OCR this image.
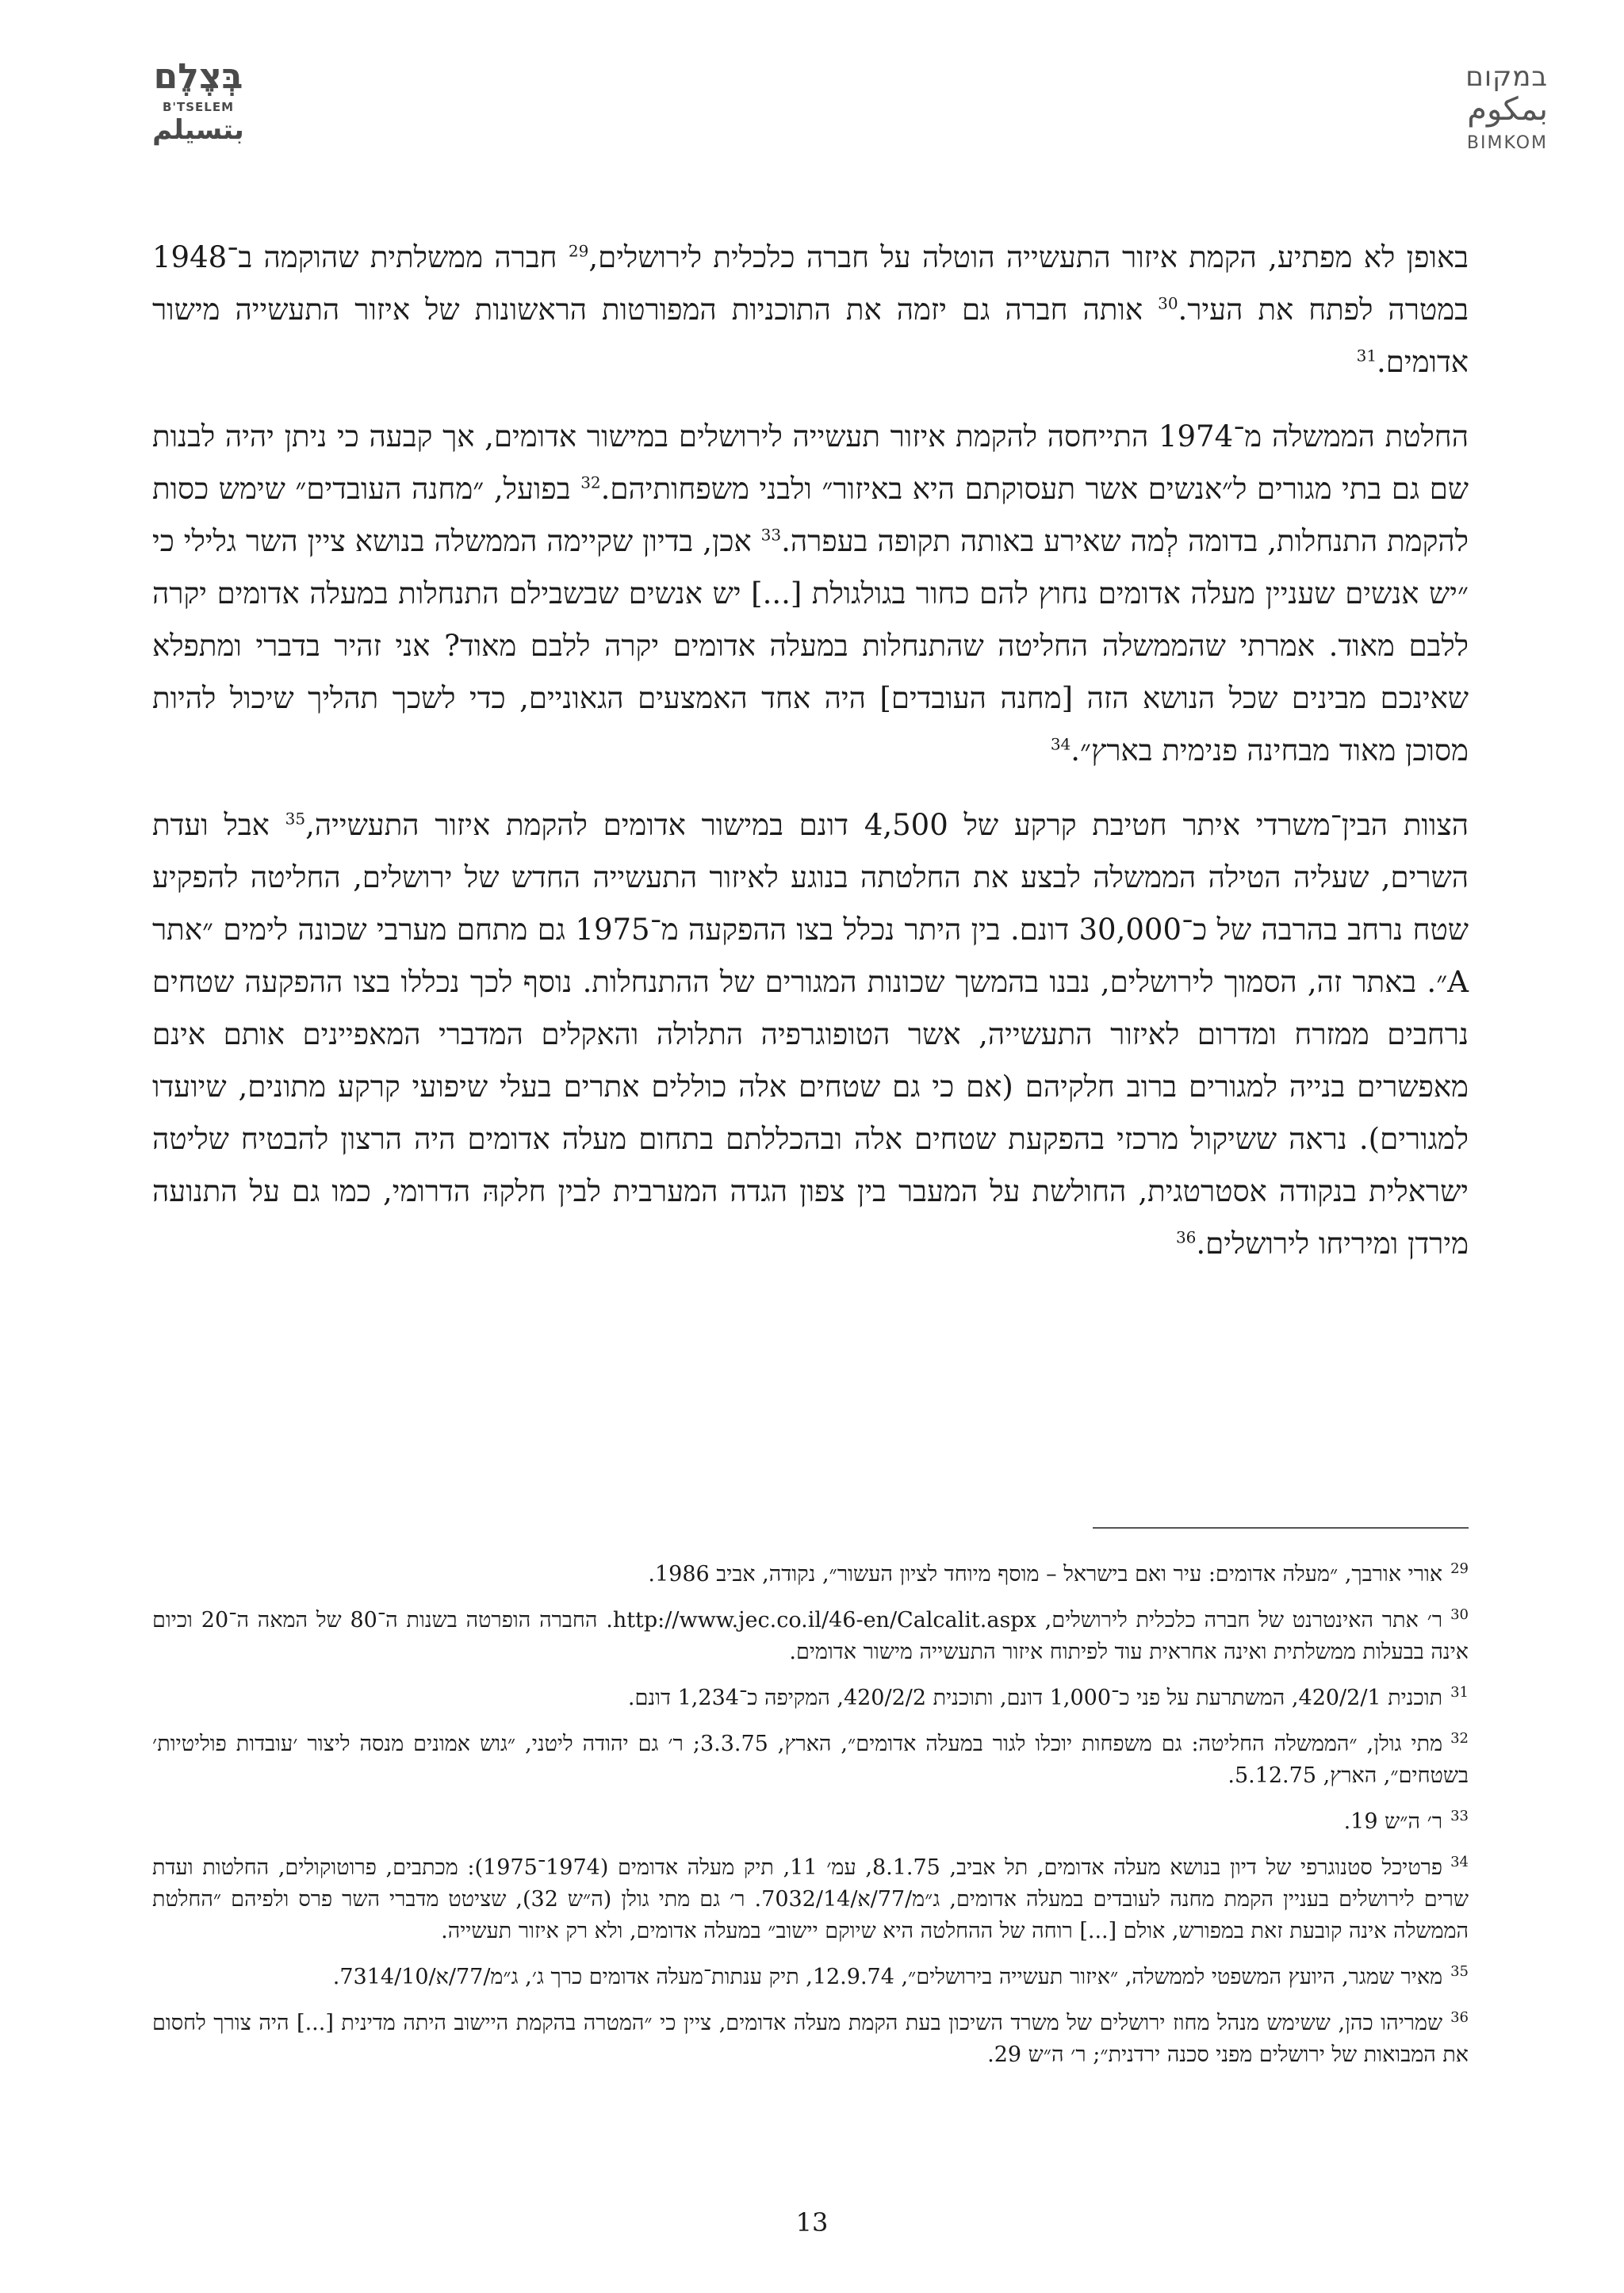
במקום
بمكوم
BIMKOM
בְּצֶלֶם
B'TSELEM
بتسيلم

באופן לא מפתיע, הקמת איזור התעשייה הוטלה על חברה כלכלית לירושלים,$^{29}$ חברה ממשלתית שהוקמה ב־1948 במטרה לפתח את העיר.$^{30}$ אותה חברה גם יזמה את התוכניות המפורטות הראשונות של איזור התעשייה מישור אדומים.$^{31}$

החלטת הממשלה מ־1974 התייחסה להקמת איזור תעשייה לירושלים במישור אדומים, אך קבעה כי ניתן יהיה לבנות שם גם בתי מגורים ל״אנשים אשר תעסוקתם היא באיזור״ ולבני משפחותיהם.$^{32}$ בפועל, ״מחנה העובדים״ שימש כסות להקמת התנחלות, בדומה לְמה שאירע באותה תקופה בעפרה.$^{33}$ אכן, בדיון שקיימה הממשלה בנושא ציין השר גלילי כי ״יש אנשים שעניין מעלה אדומים נחוץ להם כחור בגולגולת [...] יש אנשים שבשבילם התנחלות במעלה אדומים יקרה ללבם מאוד. אמרתי שהממשלה החליטה שהתנחלות במעלה אדומים יקרה ללבם מאוד? אני זהיר בדברי ומתפלא שאינכם מבינים שכל הנושא הזה [מחנה העובדים] היה אחד האמצעים הגאוניים, כדי לשכך תהליך שיכול להיות מסוכן מאוד מבחינה פנימית בארץ״.$^{34}$

הצוות הבין־משרדי איתר חטיבת קרקע של 4,500 דונם במישור אדומים להקמת איזור התעשייה,$^{35}$ אבל ועדת השרים, שעליה הטילה הממשלה לבצע את החלטתה בנוגע לאיזור התעשייה החדש של ירושלים, החליטה להפקיע שטח נרחב בהרבה של כ־30,000 דונם. בין היתר נכלל בצו ההפקעה מ־1975 גם מתחם מערבי שכונה לימים ״אתר A״. באתר זה, הסמוך לירושלים, נבנו בהמשך שכונות המגורים של ההתנחלות. נוסף לכך נכללו בצו ההפקעה שטחים נרחבים ממזרח ומדרום לאיזור התעשייה, אשר הטופוגרפיה התלולה והאקלים המדברי המאפיינים אותם אינם מאפשרים בנייה למגורים ברוב חלקיהם (אם כי גם שטחים אלה כוללים אתרים בעלי שיפועי קרקע מתונים, שיועדו למגורים). נראה ששיקול מרכזי בהפקעת שטחים אלה ובהכללתם בתחום מעלה אדומים היה הרצון להבטיח שליטה ישראלית בנקודה אסטרטגית, החולשת על המעבר בין צפון הגדה המערבית לבין חלקהּ הדרומי, כמו גם על התנועה מירדן ומיריחו לירושלים.$^{36}$

$^{29}$אורי אורבך, ״מעלה אדומים: עיר ואם בישראל – מוסף מיוחד לציון העשור״, נקודה, אביב 1986.
$^{30}$ר׳ אתר האינטרנט של חברה כלכלית לירושלים, http://www.jec.co.il/46-en/Calcalit.aspx. החברה הופרטה בשנות ה־80 של המאה ה־20 וכיום אינה בבעלות ממשלתית ואינה אחראית עוד לפיתוח איזור התעשייה מישור אדומים.
$^{31}$תוכנית 420/2/1, המשתרעת על פני כ־1,000 דונם, ותוכנית 420/2/2, המקיפה כ־1,234 דונם.
$^{32}$מתי גולן, ״הממשלה החליטה: גם משפחות יוכלו לגור במעלה אדומים״, הארץ, 3.3.75; ר׳ גם יהודה ליטני, ״גוש אמונים מנסה ליצור ׳עובדות פוליטיות׳ בשטחים״, הארץ, 5.12.75.
$^{33}$ר׳ ה״ש 19.
$^{34}$פרטיכל סטנוגרפי של דיון בנושא מעלה אדומים, תל אביב, 8.1.75, עמ׳ 11, תיק מעלה אדומים (1974־1975): מכתבים, פרוטוקולים, החלטות ועדת שרים לירושלים בעניין הקמת מחנה לעובדים במעלה אדומים, ג״מ/77/א/7032/14. ר׳ גם מתי גולן (ה״ש 32), שציטט מדברי השר פרס ולפיהם ״החלטת הממשלה אינה קובעת זאת במפורש, אולם [...] רוחה של ההחלטה היא שיוקם יישוב״ במעלה אדומים, ולא רק איזור תעשייה.
$^{35}$מאיר שמגר, היועץ המשפטי לממשלה, ״איזור תעשייה בירושלים״, 12.9.74, תיק ענתות־מעלה אדומים כרך ג׳, ג״מ/77/א/7314/10.
$^{36}$שמריהו כהן, ששימש מנהל מחוז ירושלים של משרד השיכון בעת הקמת מעלה אדומים, ציין כי ״המטרה בהקמת היישוב היתה מדינית [...] היה צורך לחסום את המבואות של ירושלים מפני סכנה ירדנית״; ר׳ ה״ש 29.
13
